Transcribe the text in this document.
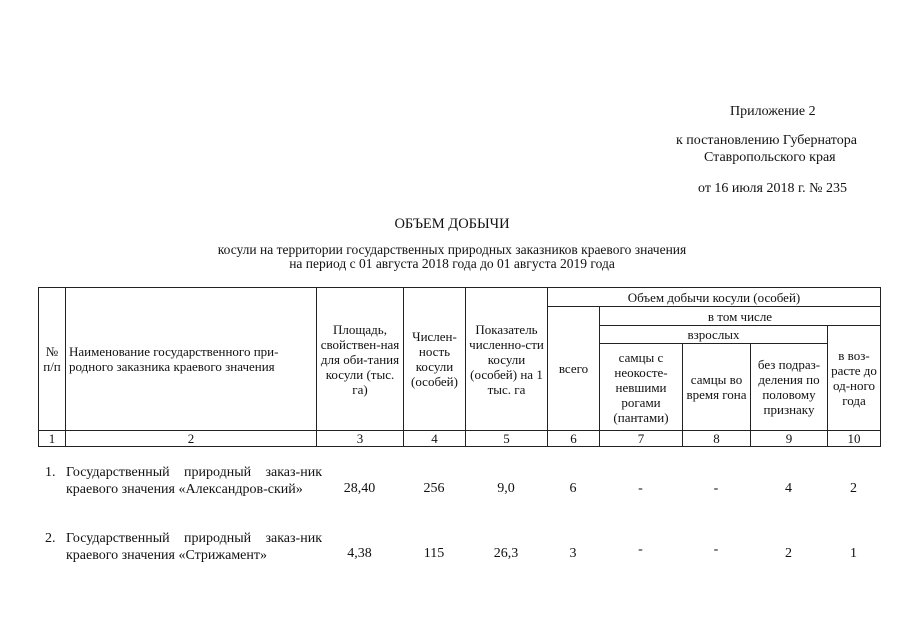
Приложение 2
к постановлению Губернатора
Ставропольского края
от 16 июля 2018 г. № 235
ОБЪЕМ ДОБЫЧИ
косули на территории государственных природных заказников краевого значения
на период с 01 августа 2018 года до 01 августа 2019 года
№ п/п	Наименование государственного при-родного заказника краевого значения	Площадь, свойствен-ная для оби-тания косули (тыс. га)	Числен-ность косули (особей)	Показатель численно-сти косули (особей) на 1 тыс. га	Объем добычи косули (особей)				
					всего	в том числе			
						взрослых			в воз-расте до од-ного года
						самцы с неокосте-невшими рогами (пантами)	самцы во время гона	без подраз-деления по половому признаку	
1	2	3	4	5	6	7	8	9	10
1. Государственный природный заказ-ник краевого значения «Александров-ский»	28,40	256	9,0	6	-	-	4	2
2. Государственный природный заказ-ник краевого значения «Стрижамент»	4,38	115	26,3	3	-	-	2	1
